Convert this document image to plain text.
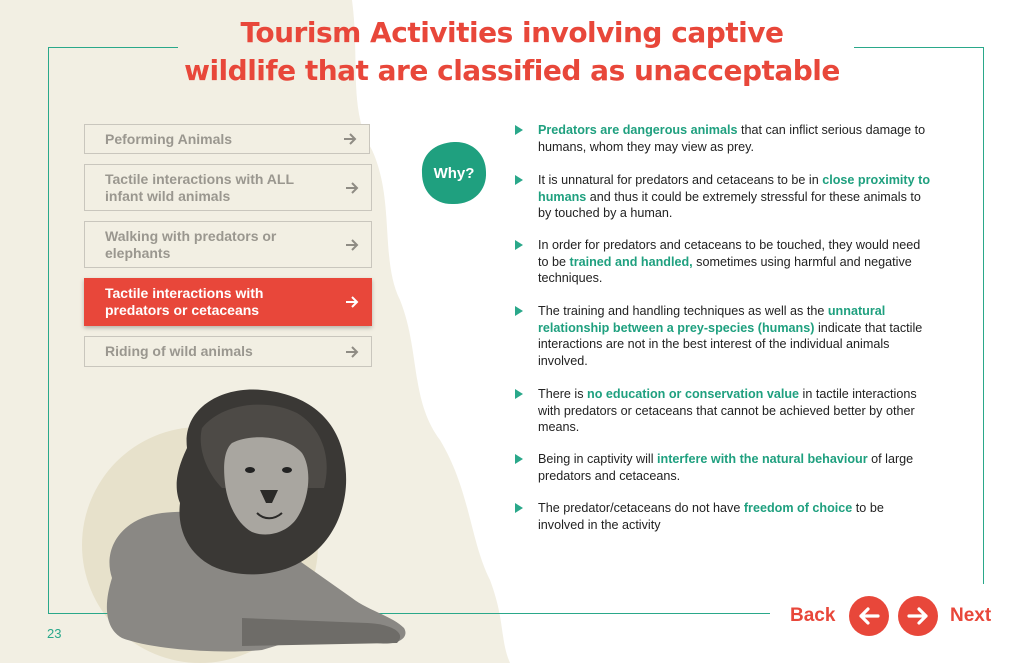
Tourism Activities involving captive
wildlife that are classified as unacceptable
Peforming Animals
Tactile interactions with ALL infant wild animals
Walking with predators or elephants
Tactile interactions with predators or cetaceans
Riding of wild animals
Why?
Predators are dangerous animals that can inflict serious damage to humans, whom they may view as prey.
It is unnatural for predators and cetaceans to be in close proximity to humans and thus it could be extremely stressful for these animals to by touched by a human.
In order for predators and cetaceans to be touched, they would need to be trained and handled, sometimes using harmful and negative techniques.
The training and handling techniques as well as the unnatural relationship between a prey-species (humans) indicate that tactile interactions are not in the best interest of the individual animals involved.
There is no education or conservation value in tactile interactions with predators or cetaceans that cannot be achieved better by other means.
Being in captivity will interfere with the natural behaviour of large predators and cetaceans.
The predator/cetaceans do not have freedom of choice to be involved in the activity
23
Back	Next
